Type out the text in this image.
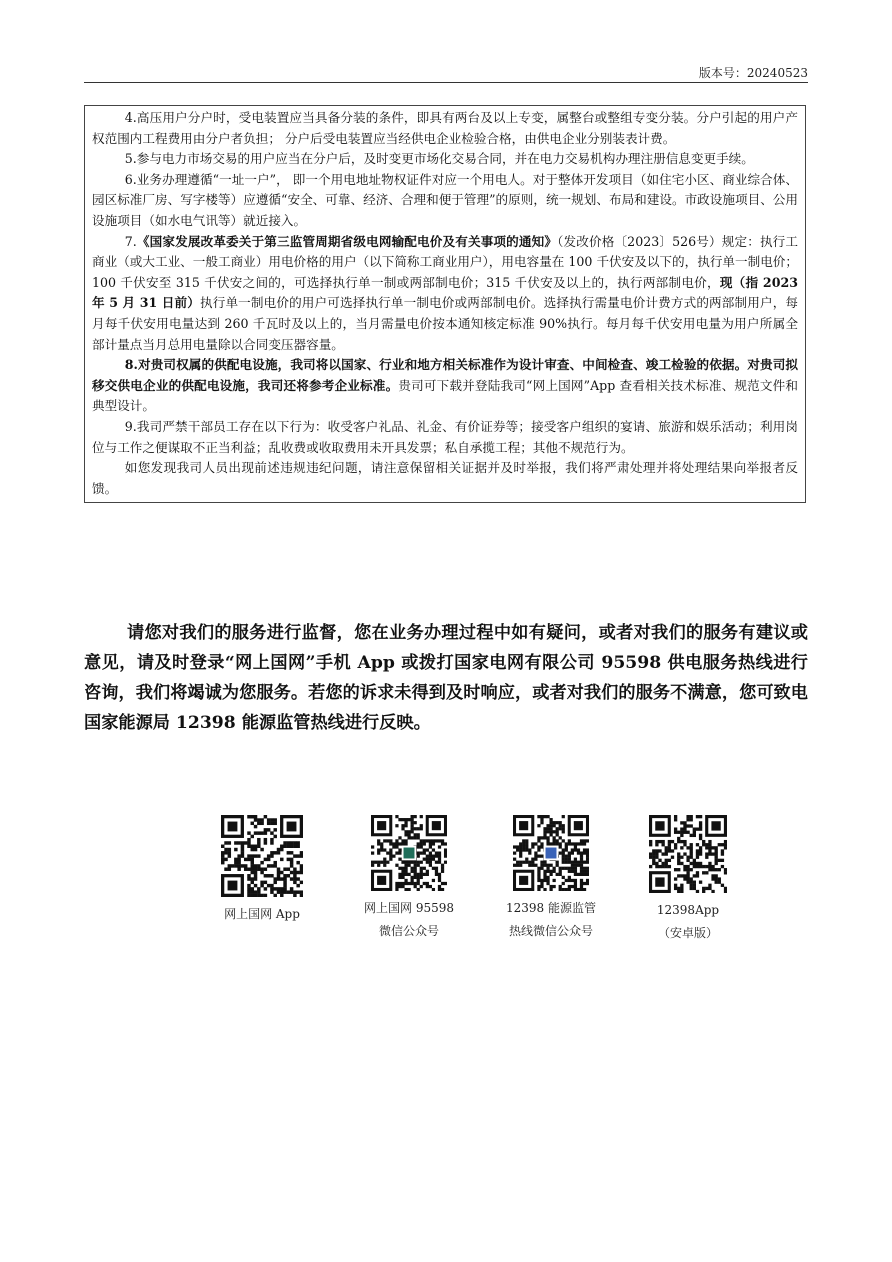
版本号：20240523

4.高压用户分户时，受电装置应当具备分装的条件，即具有两台及以上专变，属整台或整组专变分装。分户引起的用户产权范围内工程费用由分户者负担； 分户后受电装置应当经供电企业检验合格，由供电企业分别装表计费。

5.参与电力市场交易的用户应当在分户后，及时变更市场化交易合同，并在电力交易机构办理注册信息变更手续。

6.业务办理遵循“一址一户”， 即一个用电地址物权证件对应一个用电人。对于整体开发项目（如住宅小区、商业综合体、 园区标准厂房、写字楼等）应遵循“安全、可靠、经济、合理和便于管理”的原则，统一规划、布局和建设。市政设施项目、公用设施项目（如水电气讯等）就近接入。

7.《国家发展改革委关于第三监管周期省级电网输配电价及有关事项的通知》（发改价格〔2023〕526号）规定：执行工商业（或大工业、一般工商业）用电价格的用户（以下简称工商业用户），用电容量在 100 千伏安及以下的，执行单一制电价；100 千伏安至 315 千伏安之间的，可选择执行单一制或两部制电价；315 千伏安及以上的，执行两部制电价，现（指 2023 年 5 月 31 日前）执行单一制电价的用户可选择执行单一制电价或两部制电价。选择执行需量电价计费方式的两部制用户，每月每千伏安用电量达到 260 千瓦时及以上的，当月需量电价按本通知核定标准 90%执行。每月每千伏安用电量为用户所属全部计量点当月总用电量除以合同变压器容量。

8.对贵司权属的供配电设施，我司将以国家、行业和地方相关标准作为设计审查、中间检查、竣工检验的依据。对贵司拟移交供电企业的供配电设施，我司还将参考企业标准。贵司可下载并登陆我司“网上国网”App 查看相关技术标准、规范文件和典型设计。

9.我司严禁干部员工存在以下行为：收受客户礼品、礼金、有价证券等；接受客户组织的宴请、旅游和娱乐活动；利用岗位与工作之便谋取不正当利益；乱收费或收取费用未开具发票；私自承揽工程；其他不规范行为。

如您发现我司人员出现前述违规违纪问题，请注意保留相关证据并及时举报，我们将严肃处理并将处理结果向举报者反馈。

请您对我们的服务进行监督，您在业务办理过程中如有疑问，或者对我们的服务有建议或意见，请及时登录“网上国网”手机 App 或拨打国家电网有限公司 95598 供电服务热线进行咨询，我们将竭诚为您服务。若您的诉求未得到及时响应，或者对我们的服务不满意，您可致电国家能源局 12398 能源监管热线进行反映。

网上国网 App	网上国网 95598
微信公众号
12398 能源监管
热线微信公众号
12398App
（安卓版）
